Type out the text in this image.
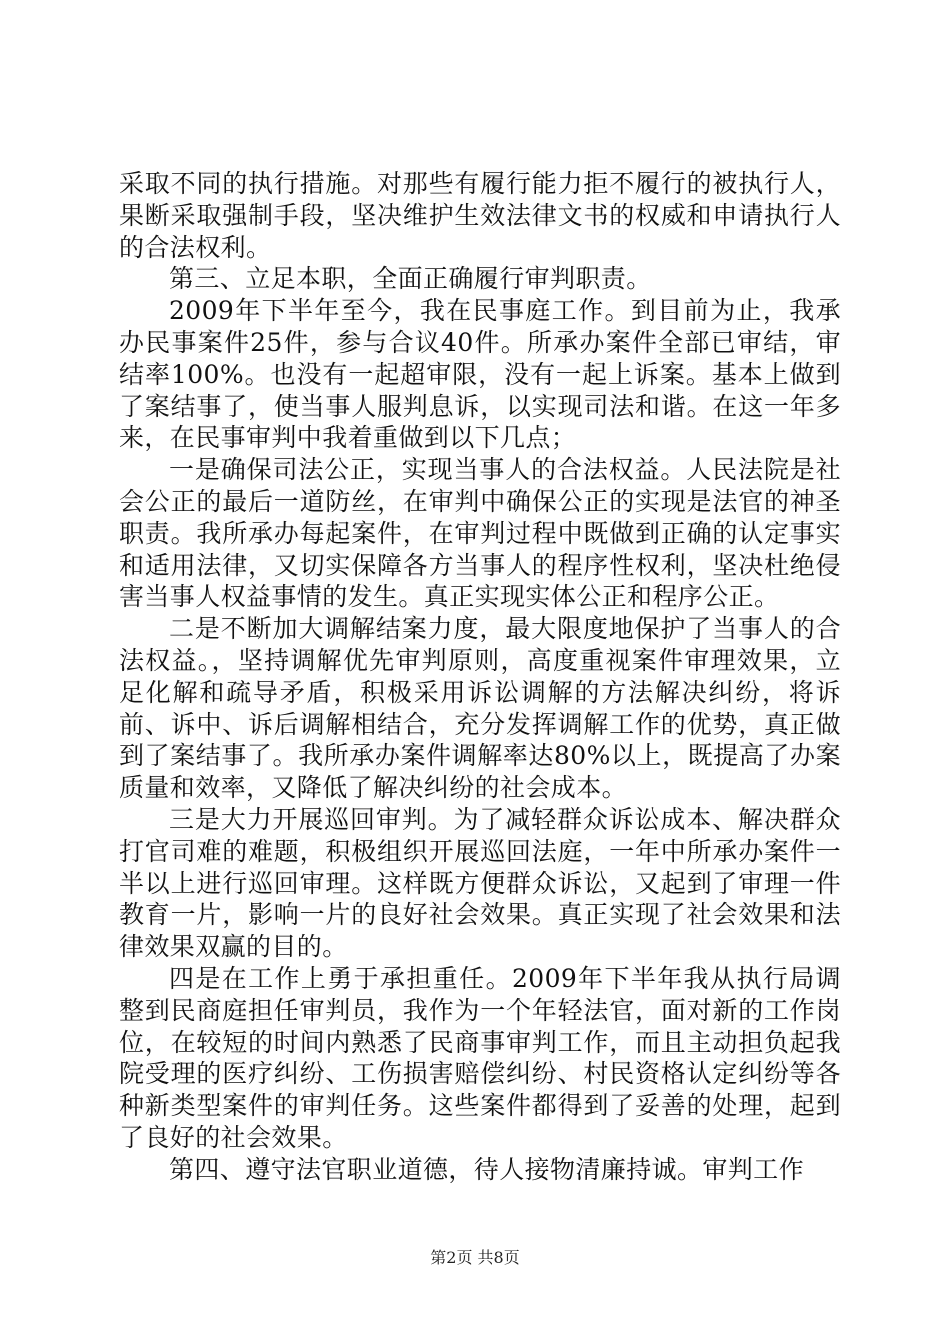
采取不同的执行措施。对那些有履行能力拒不履行的被执行人，果断采取强制手段，坚决维护生效法律文书的权威和申请执行人的合法权利。

第三、立足本职，全面正确履行审判职责。

2009年下半年至今，我在民事庭工作。到目前为止，我承办民事案件25件，参与合议40件。所承办案件全部已审结，审结率100%。也没有一起超审限，没有一起上诉案。基本上做到了案结事了，使当事人服判息诉，以实现司法和谐。在这一年多来，在民事审判中我着重做到以下几点；

一是确保司法公正，实现当事人的合法权益。人民法院是社会公正的最后一道防丝，在审判中确保公正的实现是法官的神圣职责。我所承办每起案件，在审判过程中既做到正确的认定事实和适用法律，又切实保障各方当事人的程序性权利，坚决杜绝侵害当事人权益事情的发生。真正实现实体公正和程序公正。

二是不断加大调解结案力度，最大限度地保护了当事人的合法权益。，坚持调解优先审判原则，高度重视案件审理效果，立足化解和疏导矛盾，积极采用诉讼调解的方法解决纠纷，将诉前、诉中、诉后调解相结合，充分发挥调解工作的优势，真正做到了案结事了。我所承办案件调解率达80%以上，既提高了办案质量和效率，又降低了解决纠纷的社会成本。

三是大力开展巡回审判。为了减轻群众诉讼成本、解决群众打官司难的难题，积极组织开展巡回法庭，一年中所承办案件一半以上进行巡回审理。这样既方便群众诉讼，又起到了审理一件教育一片，影响一片的良好社会效果。真正实现了社会效果和法律效果双赢的目的。

四是在工作上勇于承担重任。2009年下半年我从执行局调整到民商庭担任审判员，我作为一个年轻法官，面对新的工作岗位，在较短的时间内熟悉了民商事审判工作，而且主动担负起我院受理的医疗纠纷、工伤损害赔偿纠纷、村民资格认定纠纷等各种新类型案件的审判任务。这些案件都得到了妥善的处理，起到了良好的社会效果。

第四、遵守法官职业道德，待人接物清廉持诚。审判工作

第2页 共8页
